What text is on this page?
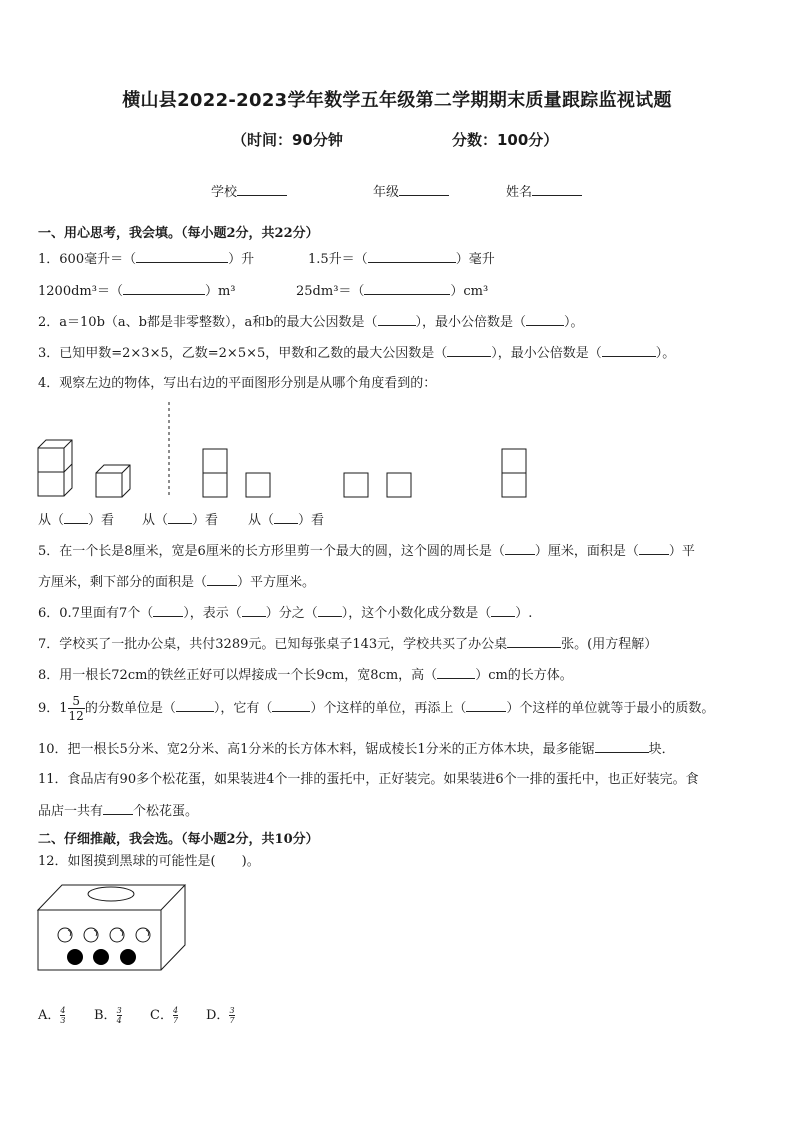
横山县2022-2023学年数学五年级第二学期期末质量跟踪监视试题
（时间：90分钟	分数：100分）
学校	年级	姓名
一、用心思考，我会填。（每小题2分，共22分）
1．600毫升＝（	）升	1.5升＝（	）毫升
1200dm³＝（	）m³	25dm³＝（	）cm³
2．a＝10b（a、b都是非零整数），a和b的最大公因数是（	），最小公倍数是（	）。
3．已知甲数=2×3×5，乙数=2×5×5，甲数和乙数的最大公因数是（	），最小公倍数是（	）。
4．观察左边的物体，写出右边的平面图形分别是从哪个角度看到的：
从（ ）看 从（ ）看 从（ ）看
5．在一个长是8厘米，宽是6厘米的长方形里剪一个最大的圆，这个圆的周长是（ ）厘米，面积是（ ）平
方厘米，剩下部分的面积是（ ）平方厘米。
6．0.7里面有7个（ ），表示（ ）分之（ ），这个小数化成分数是（ ）.
7．学校买了一批办公桌，共付3289元。已知每张桌子143元，学校共买了办公桌	张。(用方程解）
8．用一根长72cm的铁丝正好可以焊接成一个长9cm，宽8cm，高（	）cm的长方体。
9．$1 \frac{5}{12}$ 的分数单位是（	），它有（	）个这样的单位，再添上（	）个这样的单位就等于最小的质数。
10．把一根长5分米、宽2分米、高1分米的长方体木料，锯成棱长1分米的正方体木块，最多能锯	块．
11．食品店有90多个松花蛋，如果装进4个一排的蛋托中，正好装完。如果装进6个一排的蛋托中，也正好装完。食
品店一共有 个松花蛋。
二、仔细推敲，我会选。（每小题2分，共10分）
12．如图摸到黑球的可能性是( )。
A． $\frac{4}{3}$ B． $\frac{3}{4}$ C． $\frac{4}{7}$ D． $\frac{3}{7}$
